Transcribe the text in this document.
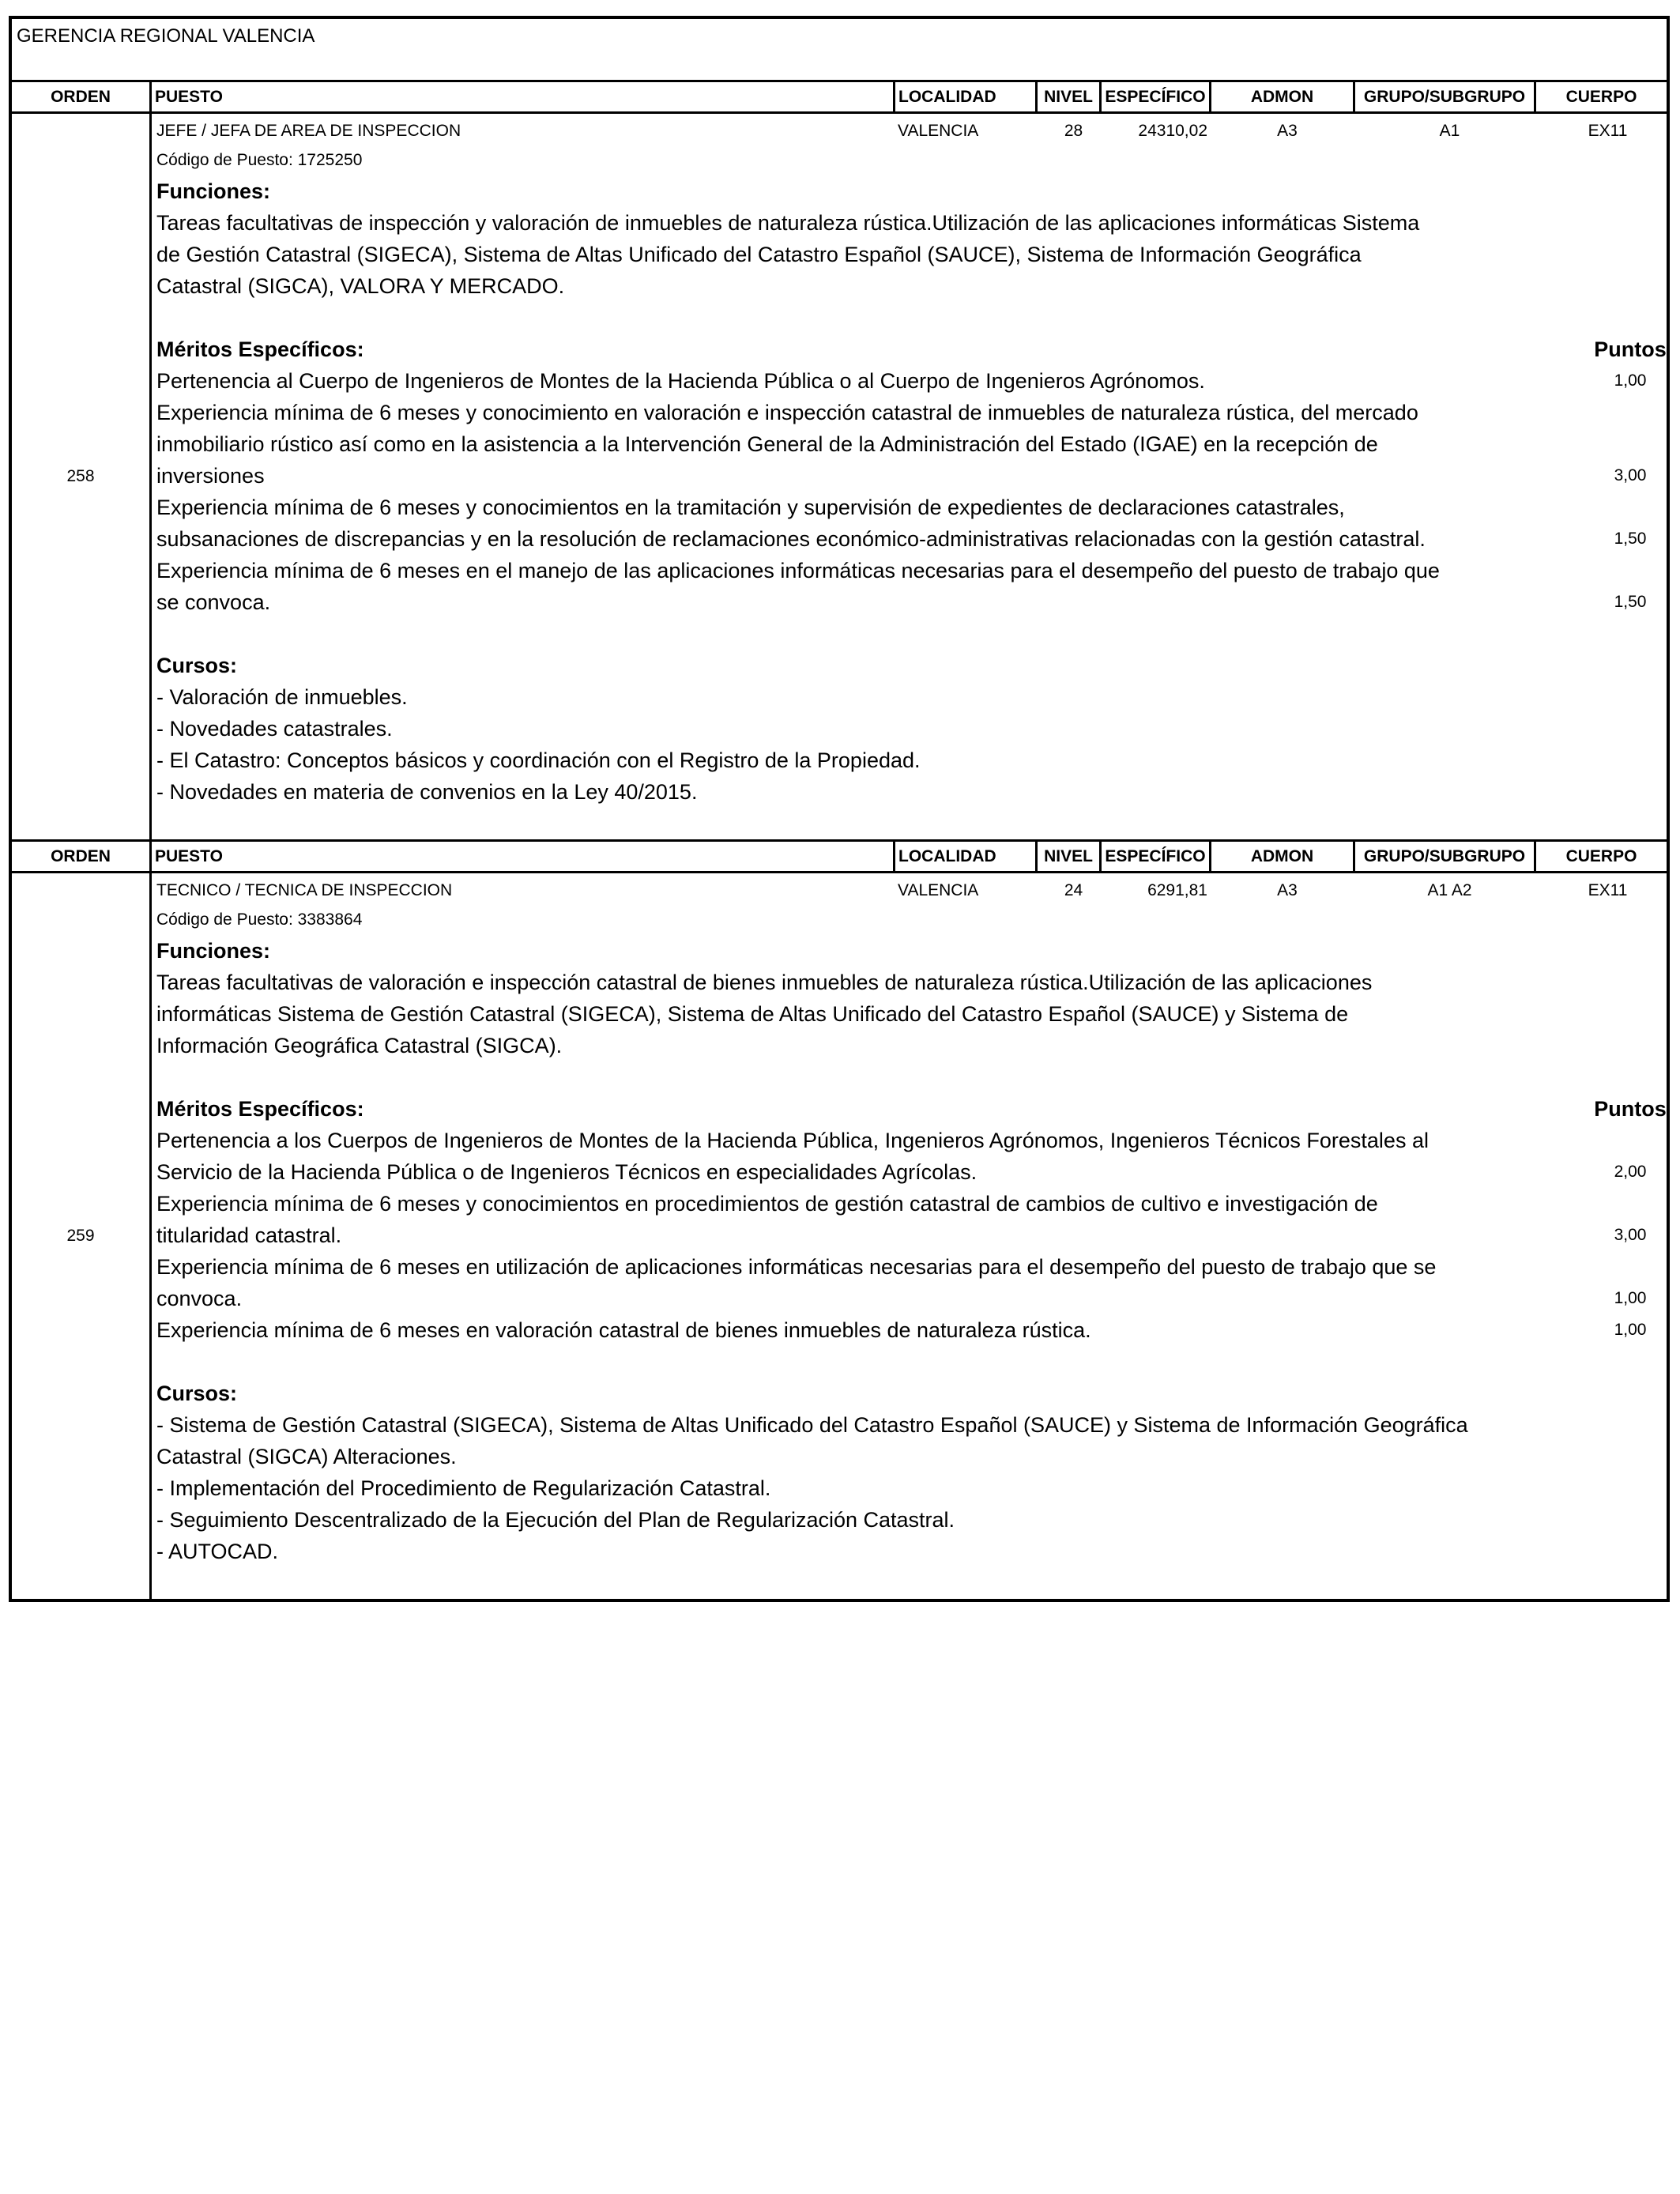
GERENCIA REGIONAL VALENCIA
ORDEN	PUESTO	LOCALIDAD	NIVEL ESPECÍFICO	ADMON	GRUPO/SUBGRUPO	CUERPO
258
JEFE / JEFA DE AREA DE INSPECCION	VALENCIA	28	24310,02	A3	A1	EX11
Código de Puesto: 1725250
Funciones:
Tareas facultativas de inspección y valoración de inmuebles de naturaleza rústica.Utilización de las aplicaciones informáticas Sistema de Gestión Catastral (SIGECA), Sistema de Altas Unificado del Catastro Español (SAUCE), Sistema de Información Geográfica Catastral (SIGCA), VALORA Y MERCADO.
Méritos Específicos:	Puntos
Pertenencia al Cuerpo de Ingenieros de Montes de la Hacienda Pública o al Cuerpo de Ingenieros Agrónomos.	1,00
Experiencia mínima de 6 meses y conocimiento en valoración e inspección catastral de inmuebles de naturaleza rústica, del mercado inmobiliario rústico así como en la asistencia a la Intervención General de la Administración del Estado (IGAE) en la recepción de inversiones	3,00
Experiencia mínima de 6 meses y conocimientos en la tramitación y supervisión de expedientes de declaraciones catastrales, subsanaciones de discrepancias y en la resolución de reclamaciones económico-administrativas relacionadas con la gestión catastral.	1,50
Experiencia mínima de 6 meses en el manejo de las aplicaciones informáticas necesarias para el desempeño del puesto de trabajo que se convoca.	1,50
Cursos:
- Valoración de inmuebles.
- Novedades catastrales.
- El Catastro: Conceptos básicos y coordinación con el Registro de la Propiedad.
- Novedades en materia de convenios en la Ley 40/2015.
ORDEN	PUESTO	LOCALIDAD	NIVEL ESPECÍFICO	ADMON	GRUPO/SUBGRUPO	CUERPO
259
TECNICO / TECNICA DE INSPECCION	VALENCIA	24	6291,81	A3	A1 A2	EX11
Código de Puesto: 3383864
Funciones:
Tareas facultativas de valoración e inspección catastral de bienes inmuebles de naturaleza rústica.Utilización de las aplicaciones informáticas Sistema de Gestión Catastral (SIGECA), Sistema de Altas Unificado del Catastro Español (SAUCE) y Sistema de Información Geográfica Catastral (SIGCA).
Méritos Específicos:	Puntos
Pertenencia a los Cuerpos de Ingenieros de Montes de la Hacienda Pública, Ingenieros Agrónomos, Ingenieros Técnicos Forestales al Servicio de la Hacienda Pública o de Ingenieros Técnicos en especialidades Agrícolas.	2,00
Experiencia mínima de 6 meses y conocimientos en procedimientos de gestión catastral de cambios de cultivo e investigación de titularidad catastral.	3,00
Experiencia mínima de 6 meses en utilización de aplicaciones informáticas necesarias para el desempeño del puesto de trabajo que se convoca.	1,00
Experiencia mínima de 6 meses en valoración catastral de bienes inmuebles de naturaleza rústica.	1,00
Cursos:
- Sistema de Gestión Catastral (SIGECA), Sistema de Altas Unificado del Catastro Español (SAUCE) y Sistema de Información Geográfica Catastral (SIGCA) Alteraciones.
- Implementación del Procedimiento de Regularización Catastral.
- Seguimiento Descentralizado de la Ejecución del Plan de Regularización Catastral.
- AUTOCAD.
